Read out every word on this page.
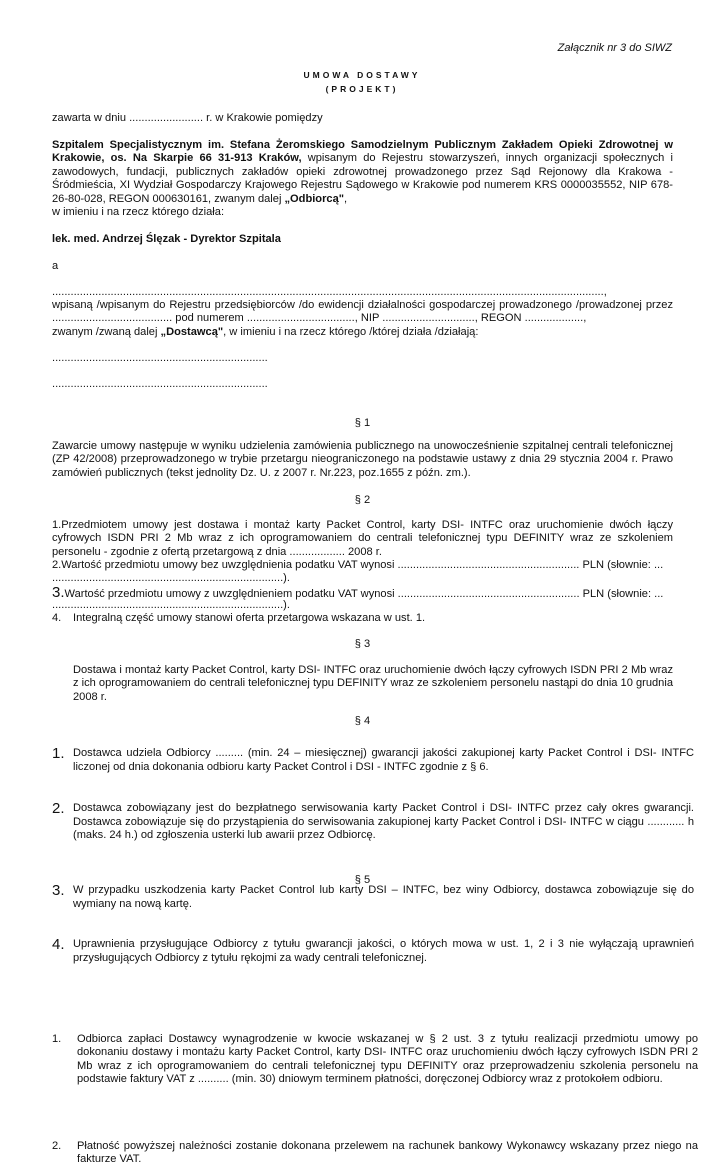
Załącznik nr 3 do SIWZ
UMOWA DOSTAWY
(PROJEKT)
zawarta w dniu ........................ r. w Krakowie pomiędzy
Szpitalem Specjalistycznym im. Stefana Żeromskiego Samodzielnym Publicznym Zakładem Opieki Zdrowotnej w Krakowie, os. Na Skarpie 66 31-913 Kraków, wpisanym do Rejestru stowarzyszeń, innych organizacji społecznych i zawodowych, fundacji, publicznych zakładów opieki zdrowotnej prowadzonego przez Sąd Rejonowy dla Krakowa - Śródmieścia, XI Wydział Gospodarczy Krajowego Rejestru Sądowego w Krakowie pod numerem KRS 0000035552, NIP 678-26-80-028, REGON 000630161, zwanym dalej „Odbiorcą",
w imieniu i na rzecz którego działa:
lek. med. Andrzej Ślęzak - Dyrektor Szpitala
a
...................................................................................................................................................................................,
wpisaną /wpisanym do Rejestru przedsiębiorców /do ewidencji działalności gospodarczej prowadzonego /prowadzonej przez ....................................... pod numerem ..................................., NIP .............................., REGON ...................,
zwanym /zwaną dalej „Dostawcą", w imieniu i na rzecz którego /której działa /działają:
......................................................................
......................................................................
§ 1
Zawarcie umowy następuje w wyniku udzielenia zamówienia publicznego na unowocześnienie szpitalnej centrali telefonicznej (ZP 42/2008) przeprowadzonego w trybie przetargu nieograniczonego na podstawie ustawy z dnia 29 stycznia 2004 r. Prawo zamówień publicznych (tekst jednolity Dz. U. z 2007 r. Nr.223, poz.1655 z późn. zm.).
§ 2
1.Przedmiotem umowy jest dostawa i montaż karty Packet Control, karty DSI- INTFC oraz uruchomienie dwóch łączy cyfrowych ISDN PRI 2 Mb wraz z ich oprogramowaniem do centrali telefonicznej typu DEFINITY wraz ze szkoleniem personelu - zgodnie z ofertą przetargową z dnia .................. 2008 r.
2.Wartość przedmiotu umowy bez uwzględnienia podatku VAT wynosi ........................................................... PLN (słownie: ...
...........................................................................).
3.Wartość przedmiotu umowy z uwzględnieniem podatku VAT wynosi ........................................................... PLN (słownie: ...
...........................................................................).
4. Integralną część umowy stanowi oferta przetargowa wskazana w ust. 1.
§ 3
Dostawa i montaż karty Packet Control, karty DSI- INTFC oraz uruchomienie dwóch łączy cyfrowych ISDN PRI 2 Mb wraz z ich oprogramowaniem do centrali telefonicznej typu DEFINITY wraz ze szkoleniem personelu nastąpi do dnia 10 grudnia 2008 r.
§ 4
1. Dostawca udziela Odbiorcy ......... (min. 24 – miesięcznej) gwarancji jakości zakupionej karty Packet Control i DSI- INTFC liczonej od dnia dokonania odbioru karty Packet Control i DSI - INTFC zgodnie z § 6.
2. Dostawca zobowiązany jest do bezpłatnego serwisowania karty Packet Control i DSI- INTFC przez cały okres gwarancji. Dostawca zobowiązuje się do przystąpienia do serwisowania zakupionej karty Packet Control i DSI- INTFC w ciągu ............ h (maks. 24 h.) od zgłoszenia usterki lub awarii przez Odbiorcę.
3. W przypadku uszkodzenia karty Packet Control lub karty DSI – INTFC, bez winy Odbiorcy, dostawca zobowiązuje się do wymiany na nową kartę.
4. Uprawnienia przysługujące Odbiorcy z tytułu gwarancji jakości, o których mowa w ust. 1, 2 i 3 nie wyłączają uprawnień przysługujących Odbiorcy z tytułu rękojmi za wady centrali telefonicznej.
§ 5
1. Odbiorca zapłaci Dostawcy wynagrodzenie w kwocie wskazanej w § 2 ust. 3 z tytułu realizacji przedmiotu umowy po dokonaniu dostawy i montażu karty Packet Control, karty DSI- INTFC oraz uruchomieniu dwóch łączy cyfrowych ISDN PRI 2 Mb wraz z ich oprogramowaniem do centrali telefonicznej typu DEFINITY oraz przeprowadzeniu szkolenia personelu na podstawie faktury VAT z .......... (min. 30) dniowym terminem płatności, doręczonej Odbiorcy wraz z protokołem odbioru.
2. Płatność powyższej należności zostanie dokonana przelewem na rachunek bankowy Wykonawcy wskazany przez niego na fakturze VAT.
